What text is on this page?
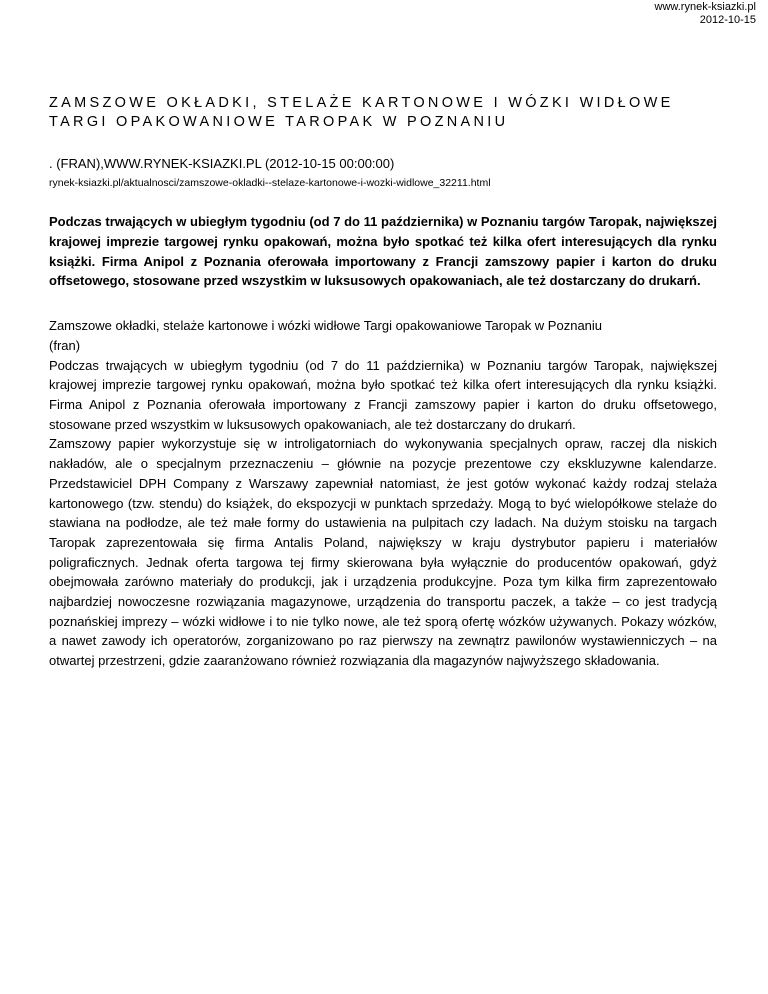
www.rynek-ksiazki.pl
2012-10-15
ZAMSZOWE OKŁADKI, STELAŻE KARTONOWE I WÓZKI WIDŁOWE TARGI OPAKOWANIOWE TAROPAK W POZNANIU
. (FRAN),WWW.RYNEK-KSIAZKI.PL (2012-10-15 00:00:00)
rynek-ksiazki.pl/aktualnosci/zamszowe-okladki--stelaze-kartonowe-i-wozki-widlowe_32211.html
Podczas trwających w ubiegłym tygodniu (od 7 do 11 października) w Poznaniu targów Taropak, największej krajowej imprezie targowej rynku opakowań, można było spotkać też kilka ofert interesujących dla rynku książki. Firma Anipol z Poznania oferowała importowany z Francji zamszowy papier i karton do druku offsetowego, stosowane przed wszystkim w luksusowych opakowaniach, ale też dostarczany do drukarń.

Zamszowe okładki, stelaże kartonowe i wózki widłowe Targi opakowaniowe Taropak w Poznaniu

(fran)

Podczas trwających w ubiegłym tygodniu (od 7 do 11 października) w Poznaniu targów Taropak, największej krajowej imprezie targowej rynku opakowań, można było spotkać też kilka ofert interesujących dla rynku książki. Firma Anipol z Poznania oferowała importowany z Francji zamszowy papier i karton do druku offsetowego, stosowane przed wszystkim w luksusowych opakowaniach, ale też dostarczany do drukarń.

Zamszowy papier wykorzystuje się w introligatorniach do wykonywania specjalnych opraw, raczej dla niskich nakładów, ale o specjalnym przeznaczeniu – głównie na pozycje prezentowe czy ekskluzywne kalendarze. Przedstawiciel DPH Company z Warszawy zapewniał natomiast, że jest gotów wykonać każdy rodzaj stelaża kartonowego (tzw. stendu) do książek, do ekspozycji w punktach sprzedaży. Mogą to być wielopółkowe stelaże do stawiana na podłodze, ale też małe formy do ustawienia na pulpitach czy ladach. Na dużym stoisku na targach Taropak zaprezentowała się firma Antalis Poland, największy w kraju dystrybutor papieru i materiałów poligraficznych. Jednak oferta targowa tej firmy skierowana była wyłącznie do producentów opakowań, gdyż obejmowała zarówno materiały do produkcji, jak i urządzenia produkcyjne. Poza tym kilka firm zaprezentowało najbardziej nowoczesne rozwiązania magazynowe, urządzenia do transportu paczek, a także – co jest tradycją poznańskiej imprezy – wózki widłowe i to nie tylko nowe, ale też sporą ofertę wózków używanych. Pokazy wózków, a nawet zawody ich operatorów, zorganizowano po raz pierwszy na zewnątrz pawilonów wystawienniczych – na otwartej przestrzeni, gdzie zaaranżowano również rozwiązania dla magazynów najwyższego składowania.
